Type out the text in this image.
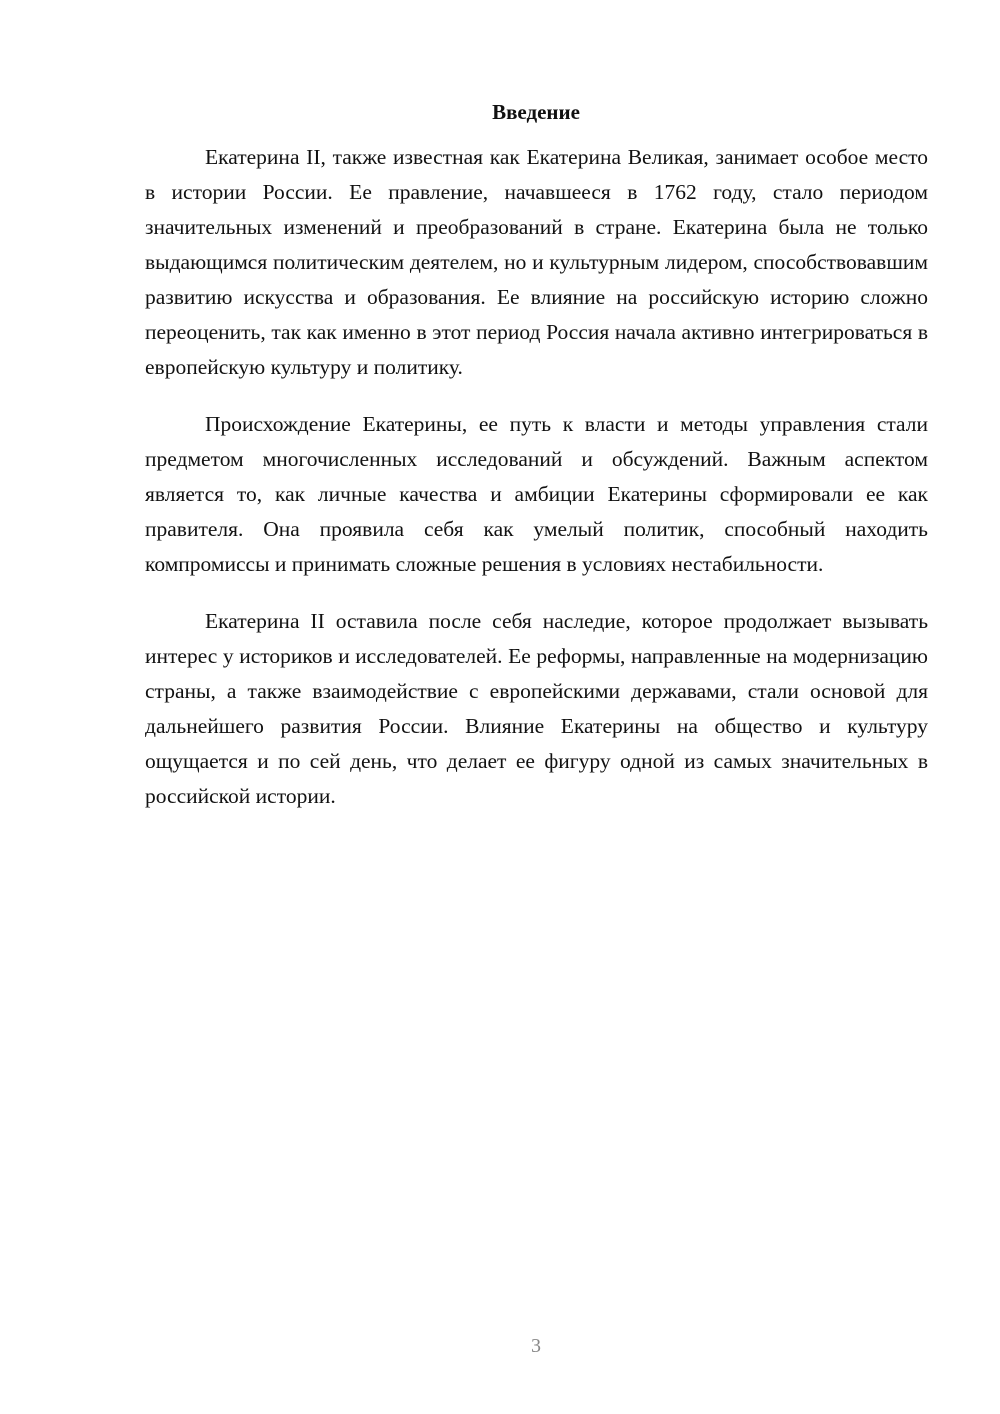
Введение

Екатерина II, также известная как Екатерина Великая, занимает особое место в истории России. Ее правление, начавшееся в 1762 году, стало периодом значительных изменений и преобразований в стране. Екатерина была не только выдающимся политическим деятелем, но и культурным лидером, способствовавшим развитию искусства и образования. Ее влияние на российскую историю сложно переоценить, так как именно в этот период Россия начала активно интегрироваться в европейскую культуру и политику.

Происхождение Екатерины, ее путь к власти и методы управления стали предметом многочисленных исследований и обсуждений. Важным аспектом является то, как личные качества и амбиции Екатерины сформировали ее как правителя. Она проявила себя как умелый политик, способный находить компромиссы и принимать сложные решения в условиях нестабильности.

Екатерина II оставила после себя наследие, которое продолжает вызывать интерес у историков и исследователей. Ее реформы, направленные на модернизацию страны, а также взаимодействие с европейскими державами, стали основой для дальнейшего развития России. Влияние Екатерины на общество и культуру ощущается и по сей день, что делает ее фигуру одной из самых значительных в российской истории.

3
